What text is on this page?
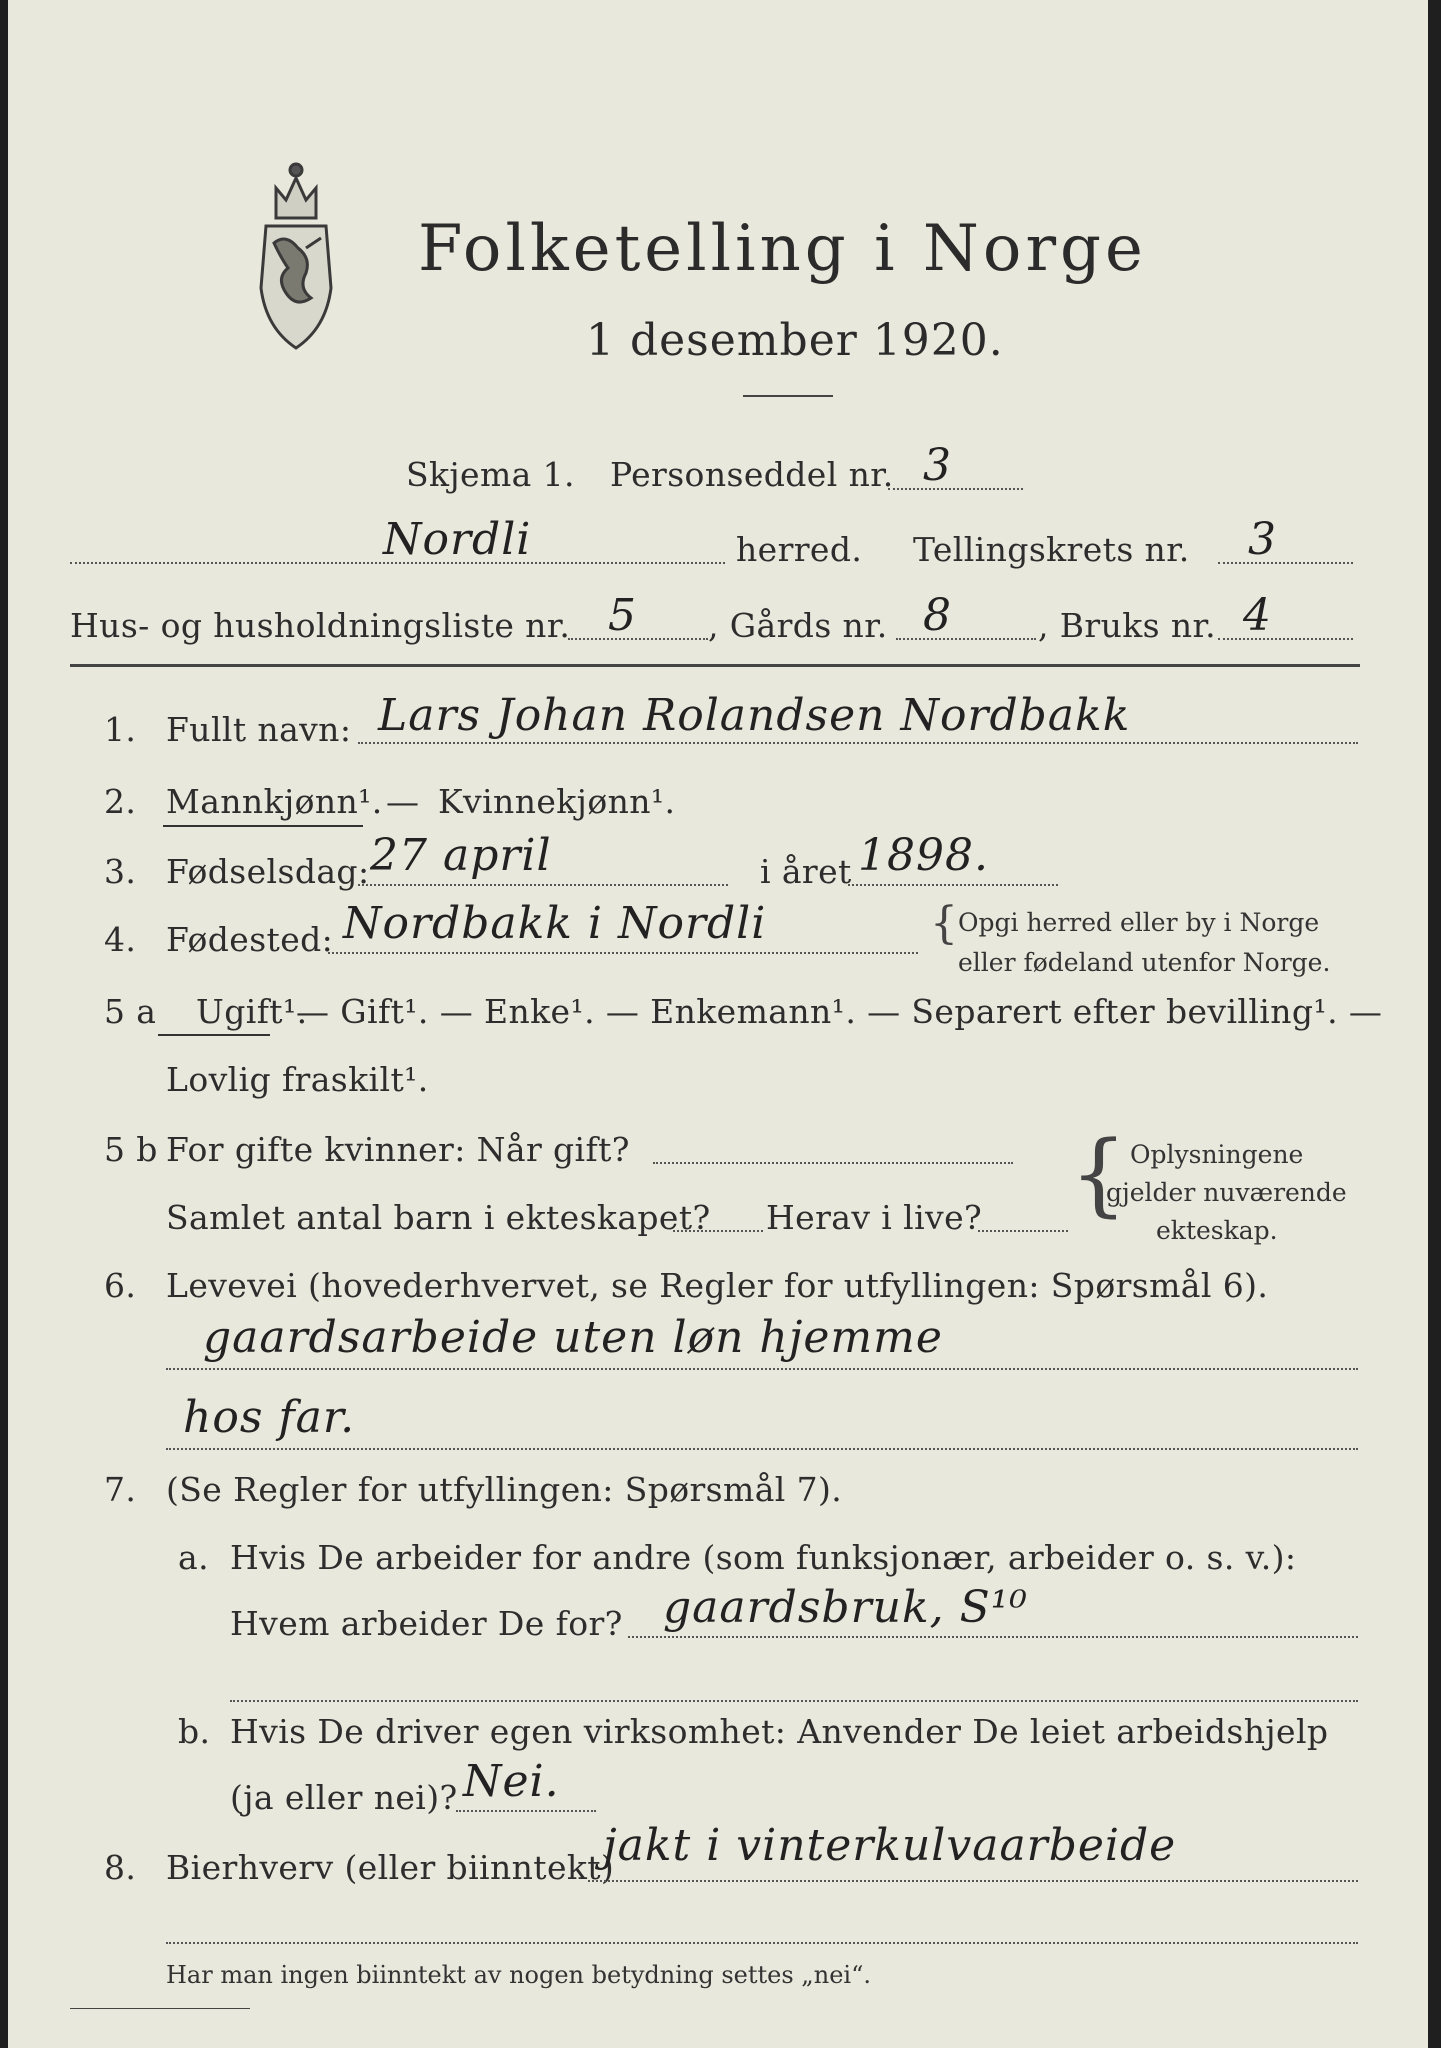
Folketelling i Norge
1 desember 1920.
Skjema 1. Personseddel nr. 3
Nordli	herred. Tellingskrets nr. 3
Hus- og husholdningsliste nr. 5 , Gårds nr. 8	, Bruks nr. 4
1. Fullt navn: Lars Johan Rolandsen Nordbakk
2. Mannkjønn¹. — Kvinnekjønn¹.
3. Fødselsdag: 27 april	i året 1898.
4. Fødested: Nordbakk i Nordli	{ Opgi herred eller by i Norge
eller fødeland utenfor Norge.
5 a Ugift¹.
— Gift¹. — Enke¹. — Enkemann¹. — Separert efter bevilling¹. —
Lovlig fraskilt¹.
5 b For gifte kvinner: Når gift?
Samlet antal barn i ekteskapet? Herav i live? { Oplysningene
gjelder nuværende
ekteskap.
6. Levevei (hovederhvervet, se Regler for utfyllingen: Spørsmål 6).
gaardsarbeide uten løn hjemme
hos far.
7. (Se Regler for utfyllingen: Spørsmål 7).
a. Hvis De arbeider for andre (som funksjonær, arbeider o. s. v.):
Hvem arbeider De for? gaardsbruk, S¹⁰
b. Hvis De driver egen virksomhet: Anvender De leiet arbeidshjelp
(ja eller nei)? Nei.
8. Bierhverv (eller biinntekt)
jakt i vinterkulvaarbeide
Har man ingen biinntekt av nogen betydning settes „nei“.
